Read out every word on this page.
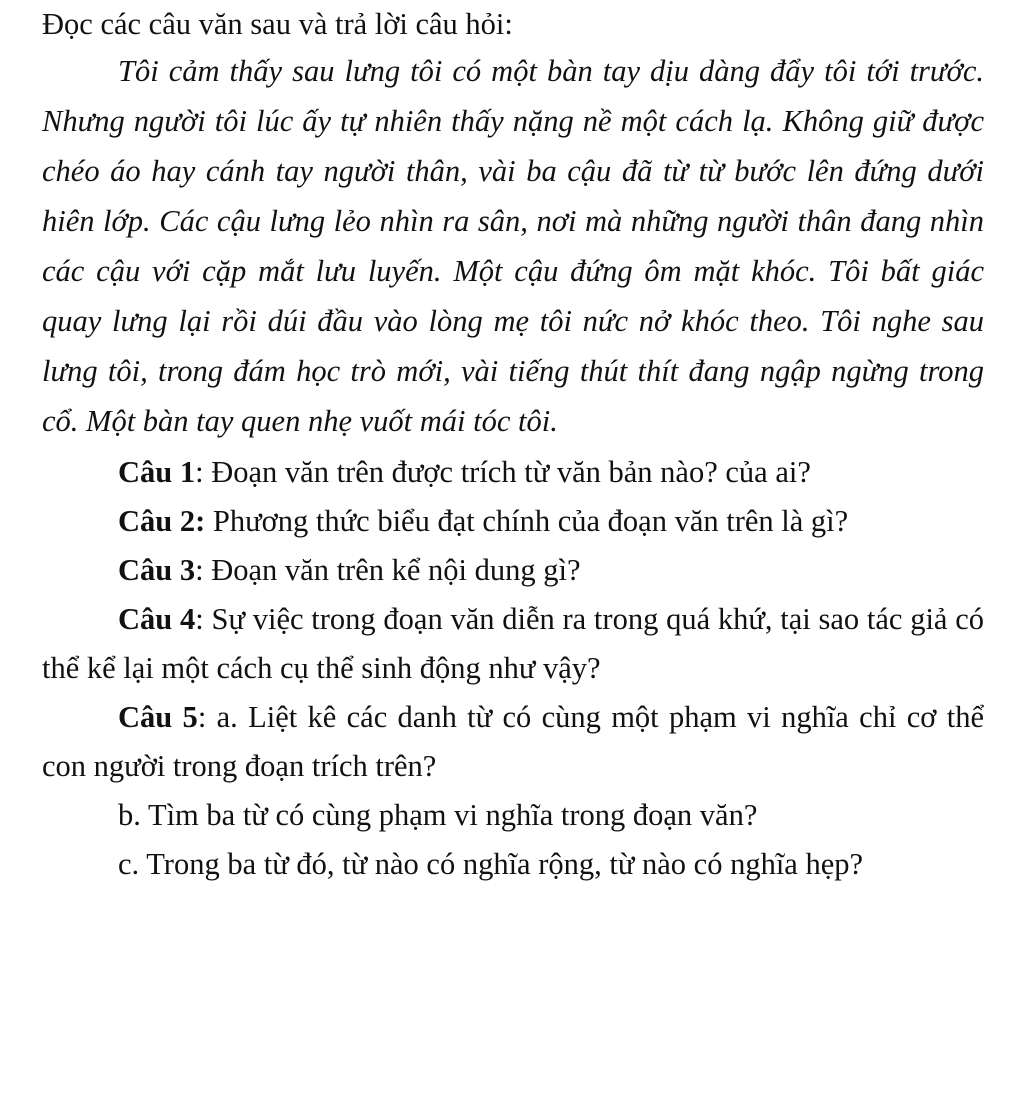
Đọc các câu văn sau và trả lời câu hỏi:

Tôi cảm thấy sau lưng tôi có một bàn tay dịu dàng đẩy tôi tới trước. Nhưng người tôi lúc ấy tự nhiên thấy nặng nề một cách lạ. Không giữ được chéo áo hay cánh tay người thân, vài ba cậu đã từ từ bước lên đứng dưới hiên lớp. Các cậu lưng lẻo nhìn ra sân, nơi mà những người thân đang nhìn các cậu với cặp mắt lưu luyến. Một cậu đứng ôm mặt khóc. Tôi bất giác quay lưng lại rồi dúi đầu vào lòng mẹ tôi nức nở khóc theo. Tôi nghe sau lưng tôi, trong đám học trò mới, vài tiếng thút thít đang ngập ngừng trong cổ. Một bàn tay quen nhẹ vuốt mái tóc tôi.

Câu 1: Đoạn văn trên được trích từ văn bản nào? của ai?

Câu 2: Phương thức biểu đạt chính của đoạn văn trên là gì?

Câu 3: Đoạn văn trên kể nội dung gì?

Câu 4: Sự việc trong đoạn văn diễn ra trong quá khứ, tại sao tác giả có thể kể lại một cách cụ thể sinh động như vậy?

Câu 5: a. Liệt kê các danh từ có cùng một phạm vi nghĩa chỉ cơ thể con người trong đoạn trích trên?

b. Tìm ba từ có cùng phạm vi nghĩa trong đoạn văn?

c. Trong ba từ đó, từ nào có nghĩa rộng, từ nào có nghĩa hẹp?
